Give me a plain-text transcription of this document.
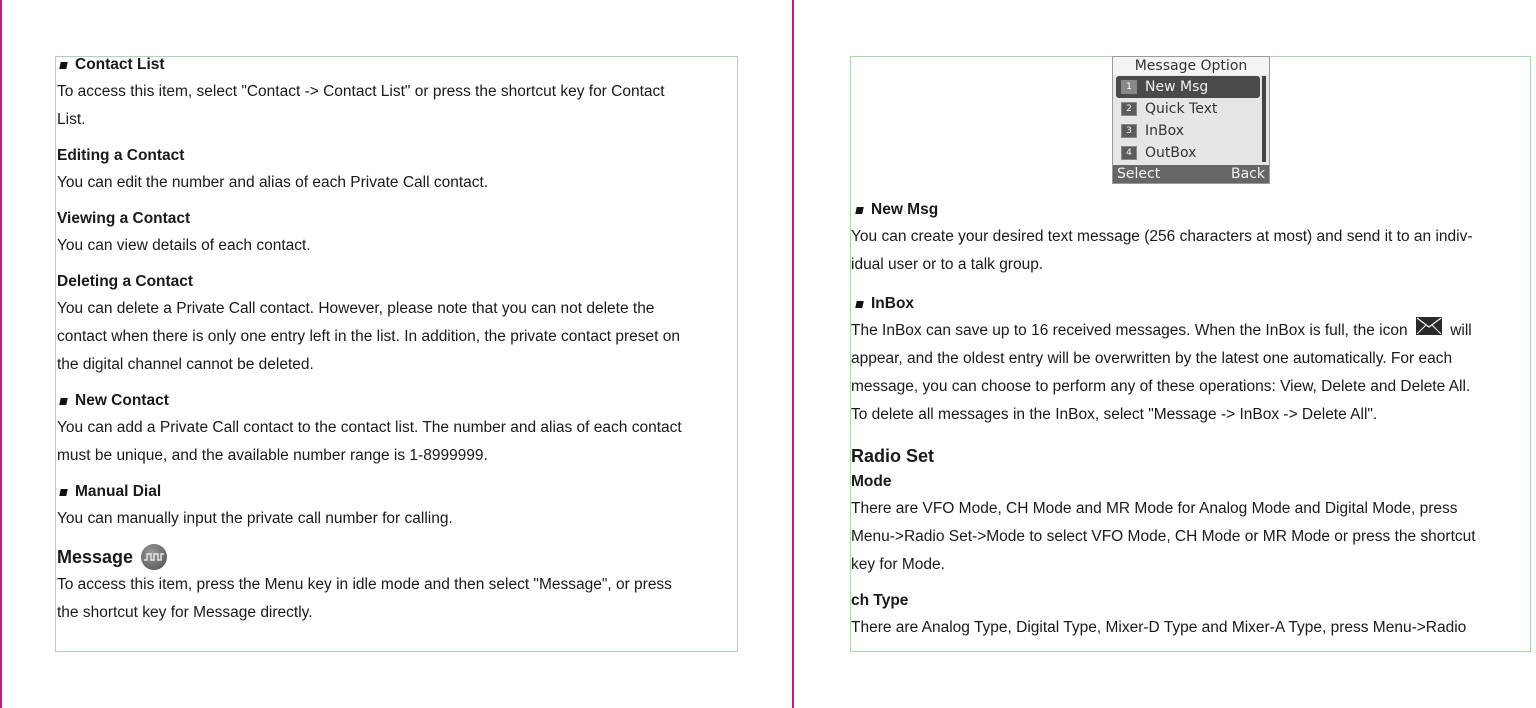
Contact List

To access this item, select "Contact -> Contact List" or press the shortcut key for Contact
List.

Editing a Contact

You can edit the number and alias of each Private Call contact.

Viewing a Contact

You can view details of each contact.

Deleting a Contact

You can delete a Private Call contact. However, please note that you can not delete the
contact when there is only one entry left in the list. In addition, the private contact preset on
the digital channel cannot be deleted.

New Contact

You can add a Private Call contact to the contact list. The number and alias of each contact
must be unique, and the available number range is 1-8999999.

Manual Dial

You can manually input the private call number for calling.

Message

To access this item, press the Menu key in idle mode and then select "Message", or press
the shortcut key for Message directly.

Message Option
1 New Msg
2 Quick Text
3 InBox
4 OutBox
Select	Back
New Msg

You can create your desired text message (256 characters at most) and send it to an indiv-
idual user or to a talk group.

InBox

The InBox can save up to 16 received messages. When the InBox is full, the icon	will
appear, and the oldest entry will be overwritten by the latest one automatically. For each
message, you can choose to perform any of these operations: View, Delete and Delete All.
To delete all messages in the InBox, select "Message -> InBox -> Delete All".

Radio Set
Mode

There are VFO Mode, CH Mode and MR Mode for Analog Mode and Digital Mode, press
Menu->Radio Set->Mode to select VFO Mode, CH Mode or MR Mode or press the shortcut
key for Mode.

ch Type

There are Analog Type, Digital Type, Mixer-D Type and Mixer-A Type, press Menu->Radio
